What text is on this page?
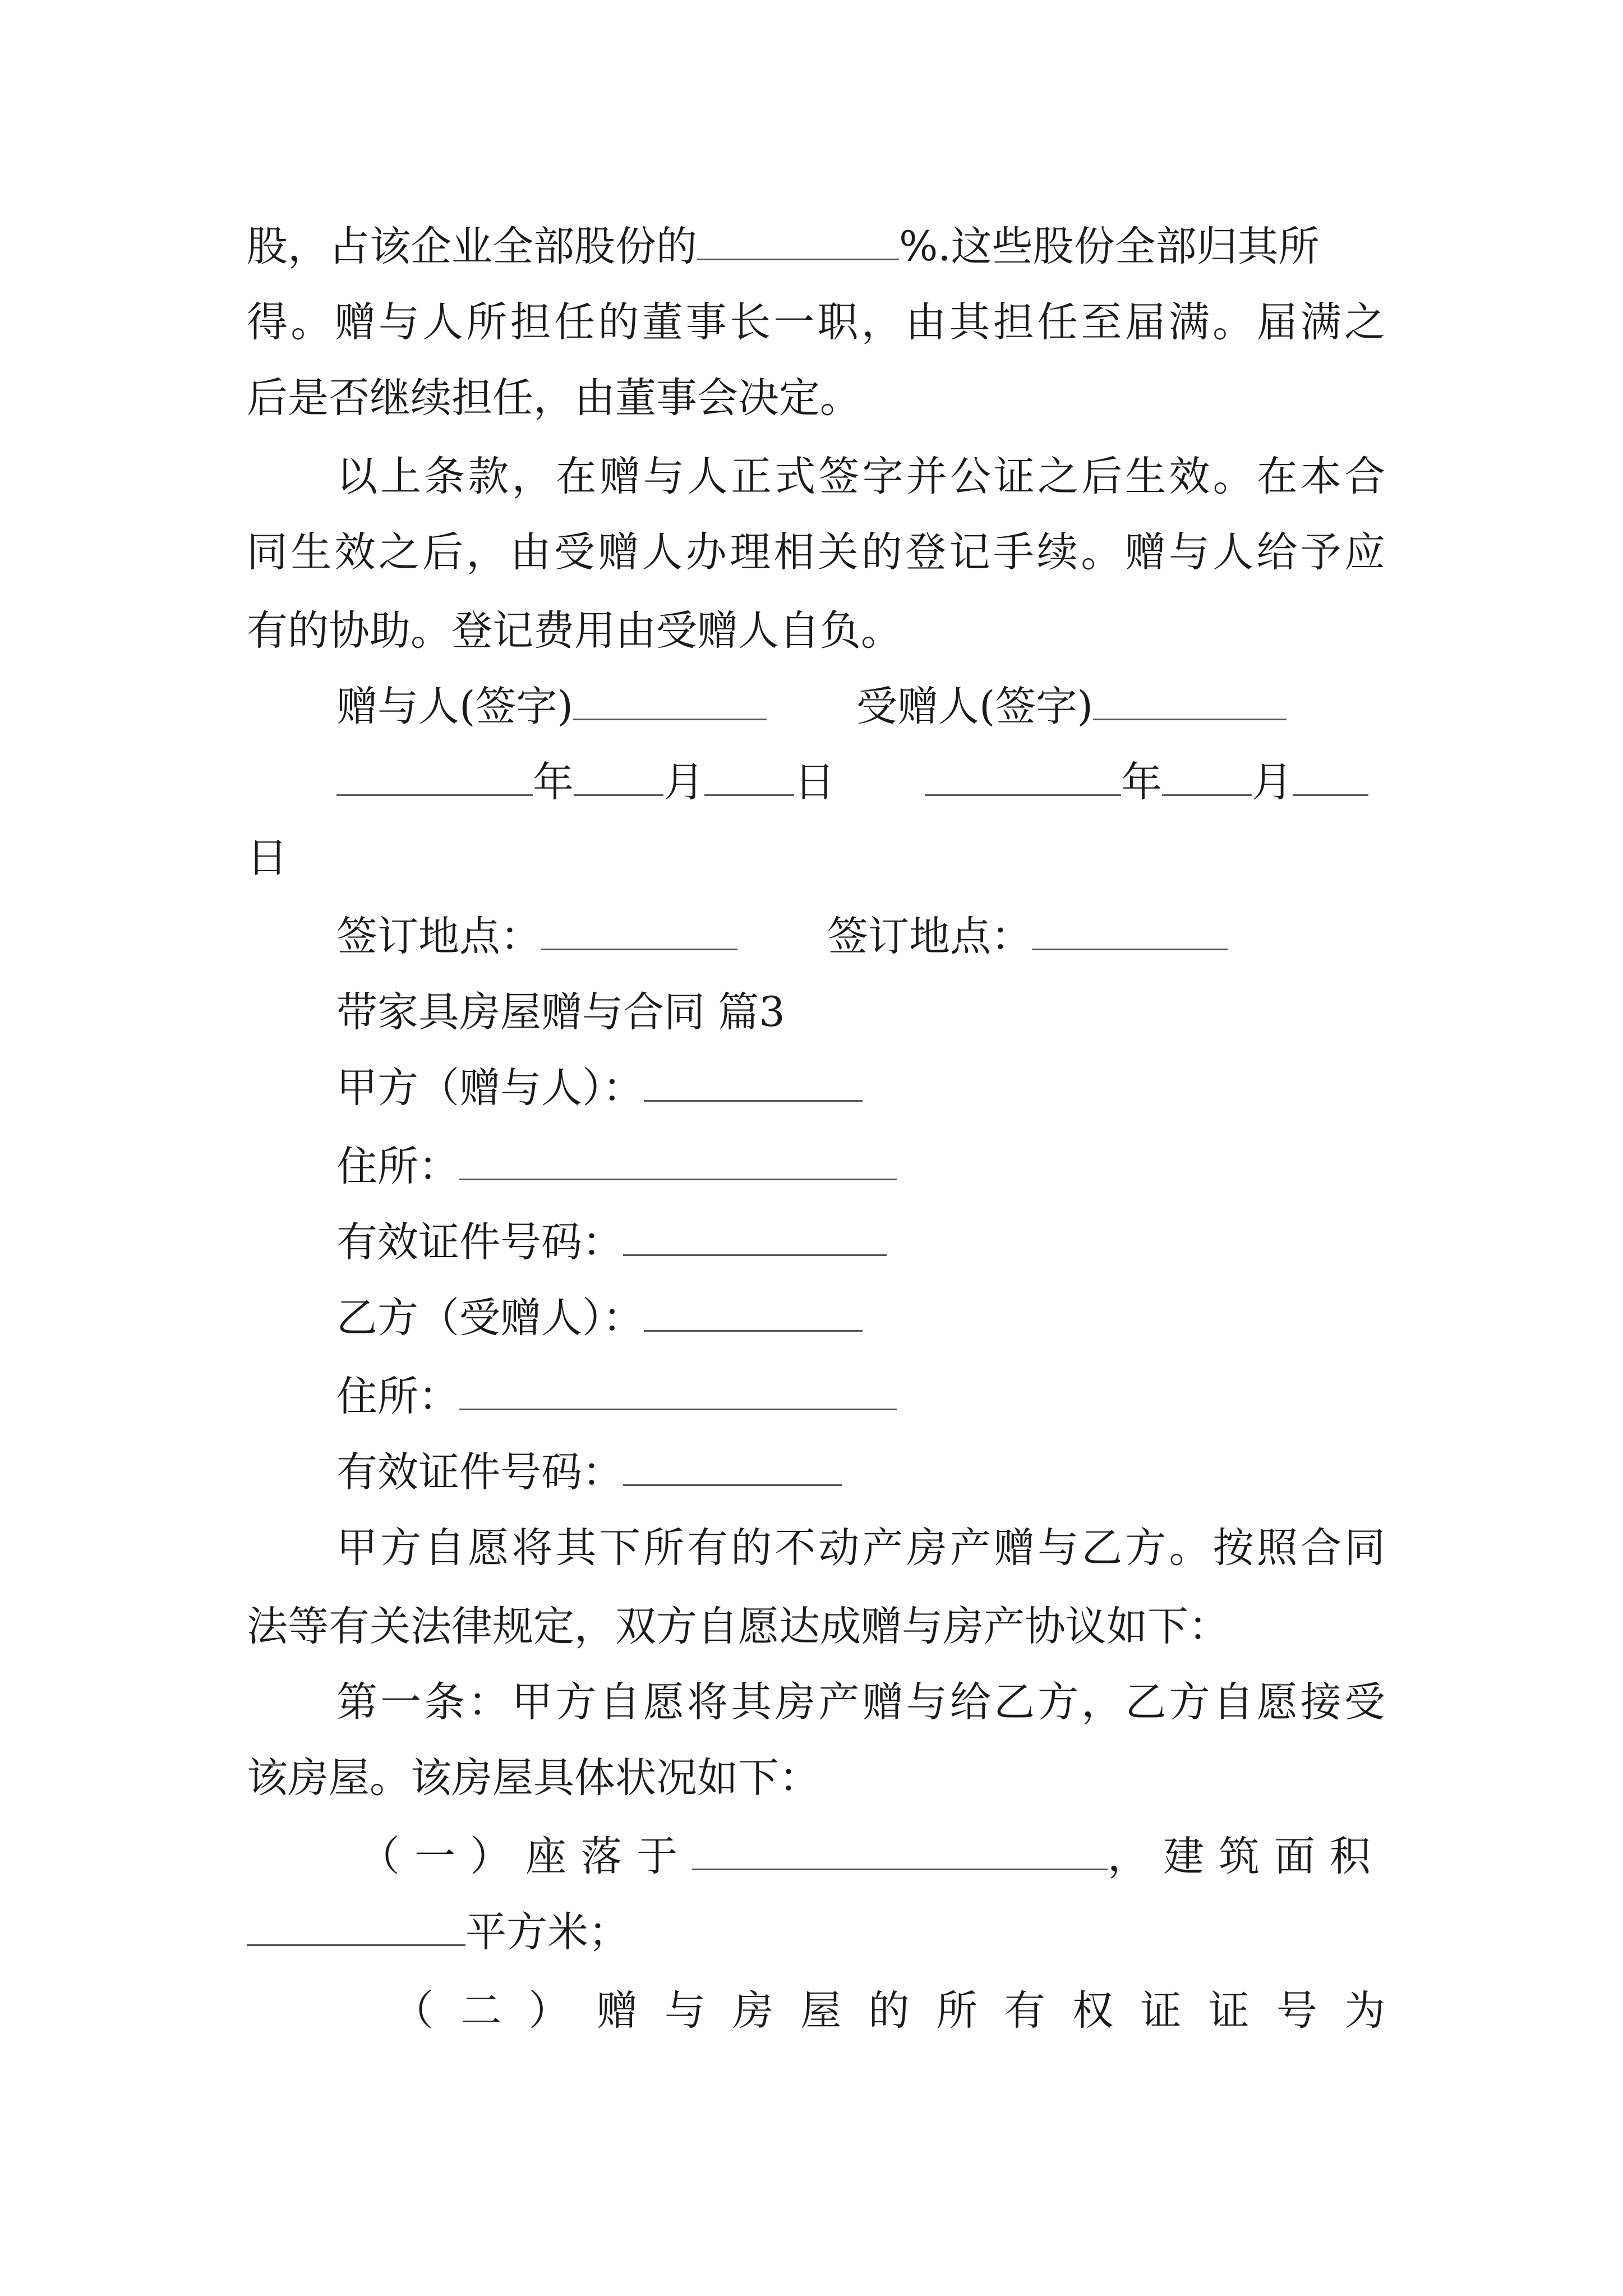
股，占该企业全部股份的	%.这些股份全部归其所
得。赠与人所担任的董事长一职，由其担任至届满。届满之
后是否继续担任，由董事会决定。
以上条款，在赠与人正式签字并公证之后生效。在本合
同生效之后，由受赠人办理相关的登记手续。赠与人给予应
有的协助。登记费用由受赠人自负。
赠与人(签字)	受赠人(签字)
年 月 日	年 月
日
签订地点：	签订地点：
带家具房屋赠与合同 篇3
甲方（赠与人）：
住所：
有效证件号码：
乙方（受赠人）：
住所：
有效证件号码：
甲方自愿将其下所有的不动产房产赠与乙方。按照合同
法等有关法律规定，双方自愿达成赠与房产协议如下：
第一条：甲方自愿将其房产赠与给乙方，乙方自愿接受
该房屋。该房屋具体状况如下：
（一）座落于	，建筑面积
平方米；
（二）赠与房屋的所有权证证号为
